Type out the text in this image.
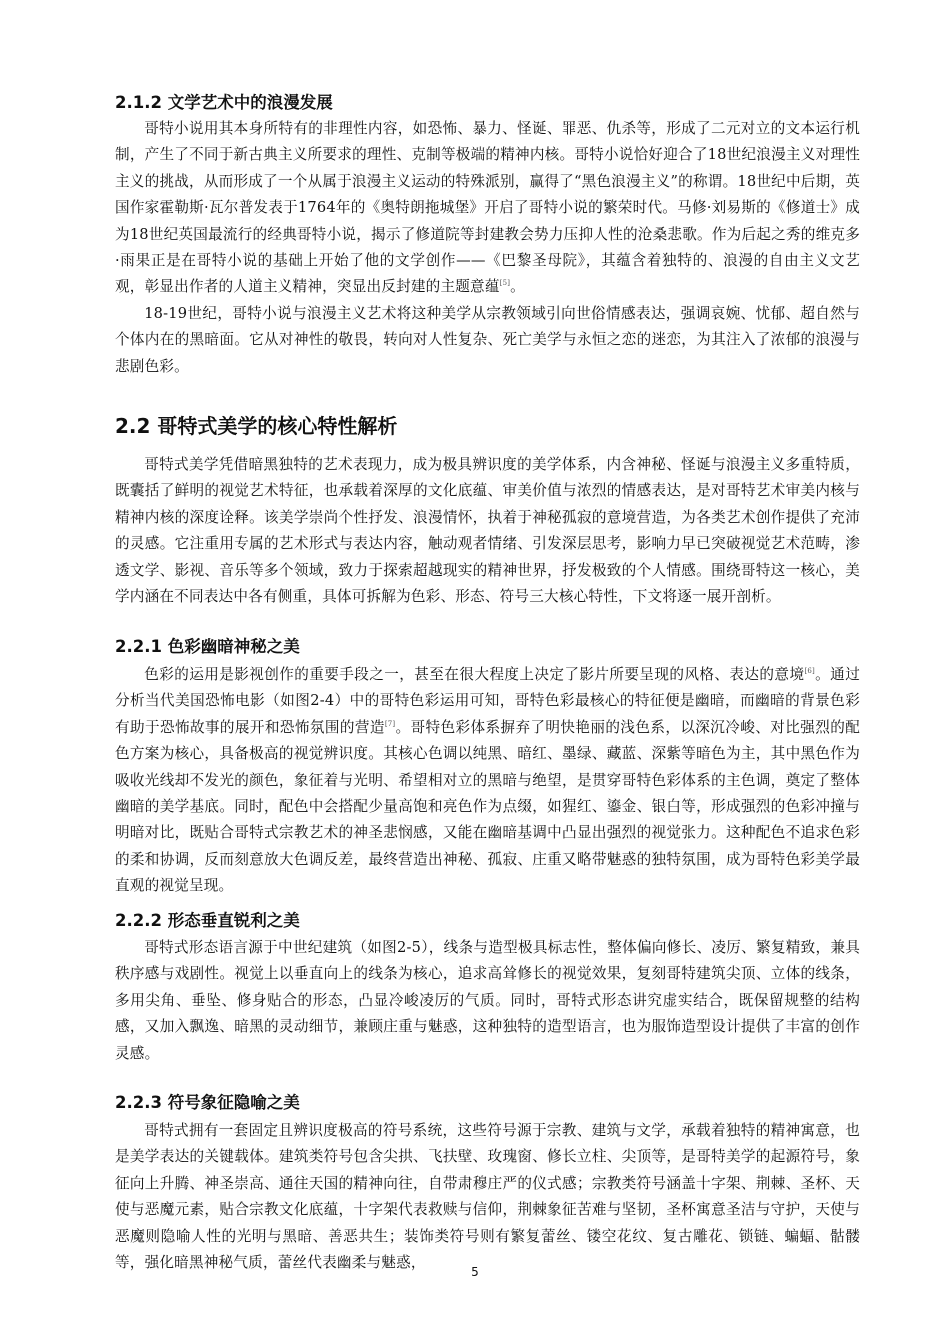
2.1.2 文学艺术中的浪漫发展

哥特小说用其本身所特有的非理性内容，如恐怖、暴力、怪诞、罪恶、仇杀等，形成了二元对立的文本运行机制，产生了不同于新古典主义所要求的理性、克制等极端的精神内核。哥特小说恰好迎合了18世纪浪漫主义对理性主义的挑战，从而形成了一个从属于浪漫主义运动的特殊派别，赢得了“黑色浪漫主义”的称谓。18世纪中后期，英国作家霍勒斯·瓦尔普发表于1764年的《奥特朗拖城堡》开启了哥特小说的繁荣时代。马修·刘易斯的《修道士》成为18世纪英国最流行的经典哥特小说，揭示了修道院等封建教会势力压抑人性的沧桑悲歌。作为后起之秀的维克多·雨果正是在哥特小说的基础上开始了他的文学创作——《巴黎圣母院》，其蕴含着独特的、浪漫的自由主义文艺观，彰显出作者的人道主义精神，突显出反封建的主题意蕴[5]。

18-19世纪，哥特小说与浪漫主义艺术将这种美学从宗教领域引向世俗情感表达，强调哀婉、忧郁、超自然与个体内在的黑暗面。它从对神性的敬畏，转向对人性复杂、死亡美学与永恒之恋的迷恋，为其注入了浓郁的浪漫与悲剧色彩。

2.2 哥特式美学的核心特性解析

哥特式美学凭借暗黑独特的艺术表现力，成为极具辨识度的美学体系，内含神秘、怪诞与浪漫主义多重特质，既囊括了鲜明的视觉艺术特征，也承载着深厚的文化底蕴、审美价值与浓烈的情感表达，是对哥特艺术审美内核与精神内核的深度诠释。该美学崇尚个性抒发、浪漫情怀，执着于神秘孤寂的意境营造，为各类艺术创作提供了充沛的灵感。它注重用专属的艺术形式与表达内容，触动观者情绪、引发深层思考，影响力早已突破视觉艺术范畴，渗透文学、影视、音乐等多个领域，致力于探索超越现实的精神世界，抒发极致的个人情感。围绕哥特这一核心，美学内涵在不同表达中各有侧重，具体可拆解为色彩、形态、符号三大核心特性，下文将逐一展开剖析。

2.2.1 色彩幽暗神秘之美

色彩的运用是影视创作的重要手段之一，甚至在很大程度上决定了影片所要呈现的风格、表达的意境[6]。通过分析当代美国恐怖电影（如图2-4）中的哥特色彩运用可知，哥特色彩最核心的特征便是幽暗，而幽暗的背景色彩有助于恐怖故事的展开和恐怖氛围的营造[7]。哥特色彩体系摒弃了明快艳丽的浅色系，以深沉冷峻、对比强烈的配色方案为核心，具备极高的视觉辨识度。其核心色调以纯黑、暗红、墨绿、藏蓝、深紫等暗色为主，其中黑色作为吸收光线却不发光的颜色，象征着与光明、希望相对立的黑暗与绝望，是贯穿哥特色彩体系的主色调，奠定了整体幽暗的美学基底。同时，配色中会搭配少量高饱和亮色作为点缀，如猩红、鎏金、银白等，形成强烈的色彩冲撞与明暗对比，既贴合哥特式宗教艺术的神圣悲悯感，又能在幽暗基调中凸显出强烈的视觉张力。这种配色不追求色彩的柔和协调，反而刻意放大色调反差，最终营造出神秘、孤寂、庄重又略带魅惑的独特氛围，成为哥特色彩美学最直观的视觉呈现。

2.2.2 形态垂直锐利之美

哥特式形态语言源于中世纪建筑（如图2-5），线条与造型极具标志性，整体偏向修长、凌厉、繁复精致，兼具秩序感与戏剧性。视觉上以垂直向上的线条为核心，追求高耸修长的视觉效果，复刻哥特建筑尖顶、立体的线条，多用尖角、垂坠、修身贴合的形态，凸显冷峻凌厉的气质。同时，哥特式形态讲究虚实结合，既保留规整的结构感，又加入飘逸、暗黑的灵动细节，兼顾庄重与魅惑，这种独特的造型语言，也为服饰造型设计提供了丰富的创作灵感。

2.2.3 符号象征隐喻之美

哥特式拥有一套固定且辨识度极高的符号系统，这些符号源于宗教、建筑与文学，承载着独特的精神寓意，也是美学表达的关键载体。建筑类符号包含尖拱、飞扶壁、玫瑰窗、修长立柱、尖顶等，是哥特美学的起源符号，象征向上升腾、神圣崇高、通往天国的精神向往，自带肃穆庄严的仪式感；宗教类符号涵盖十字架、荆棘、圣杯、天使与恶魔元素，贴合宗教文化底蕴，十字架代表救赎与信仰，荆棘象征苦难与坚韧，圣杯寓意圣洁与守护，天使与恶魔则隐喻人性的光明与黑暗、善恶共生；装饰类符号则有繁复蕾丝、镂空花纹、复古雕花、锁链、蝙蝠、骷髅等，强化暗黑神秘气质，蕾丝代表幽柔与魅惑，

5
